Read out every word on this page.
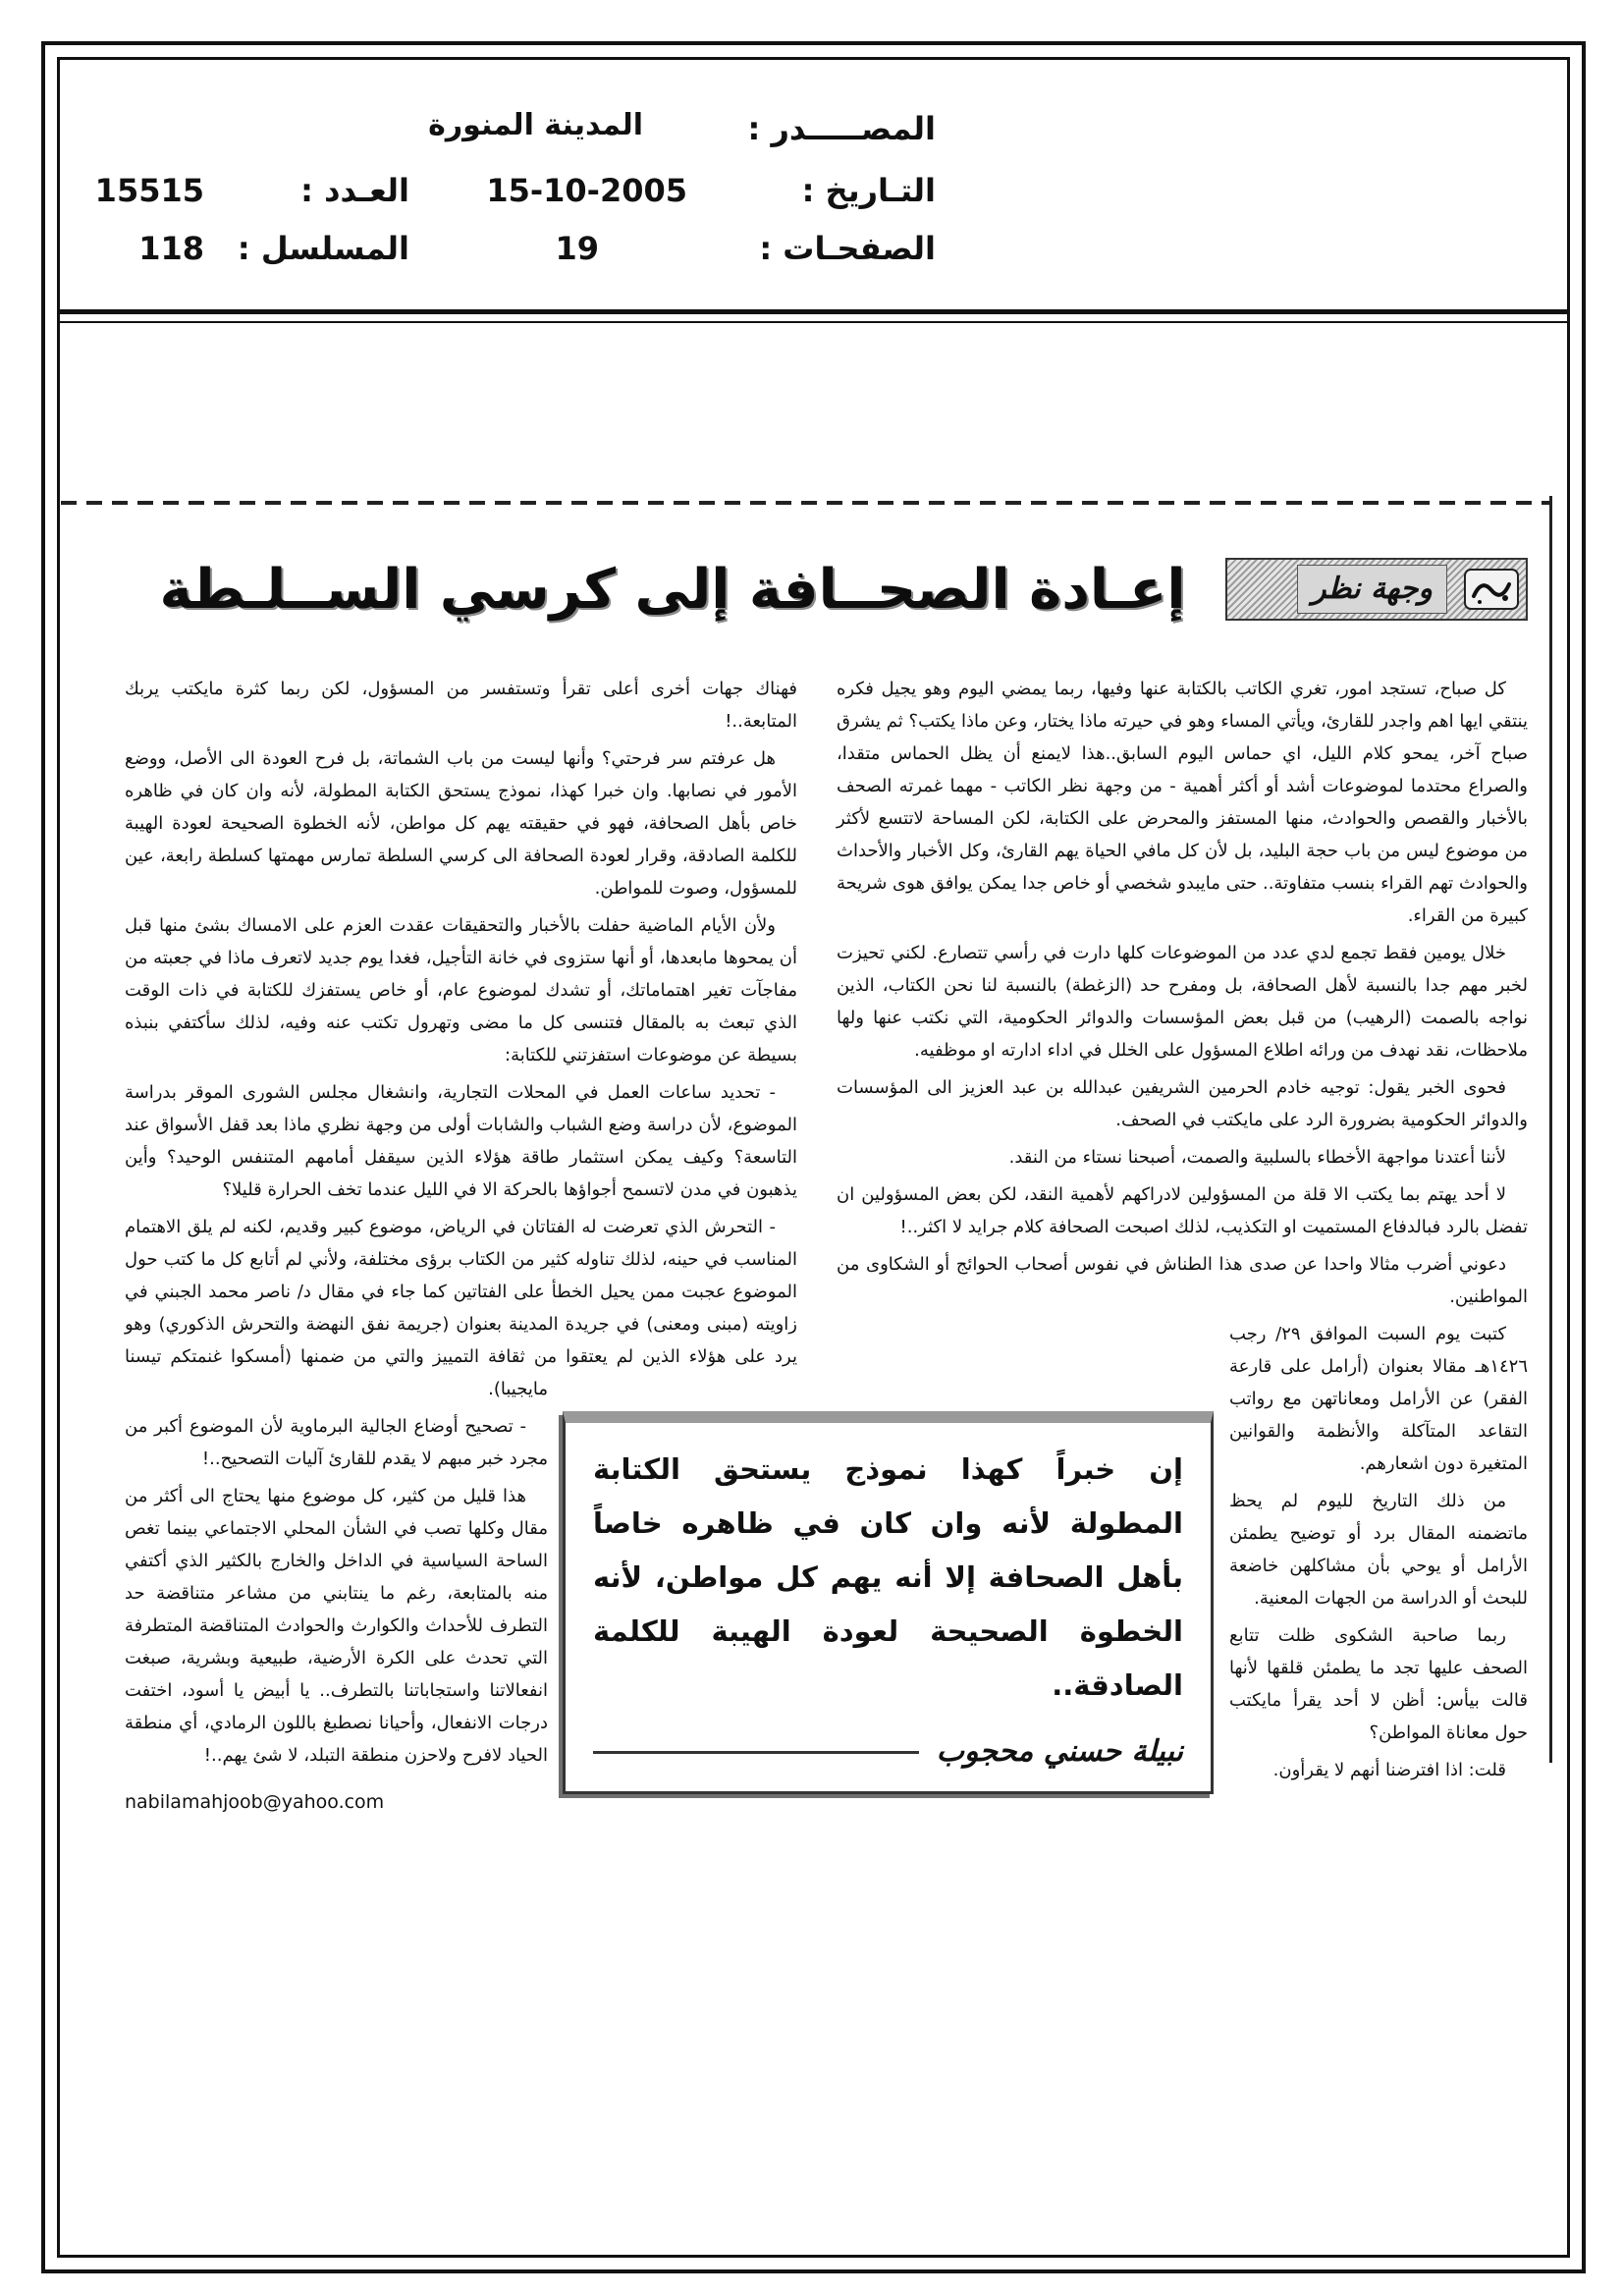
المصـــــدر :
المدينة المنورة
التـاريخ :
15-10-2005
العـدد :
15515
الصفحـات :
19
المسلسل :
118
وجهة نظر
إعـادة الصحــافة إلى كرسي الســلـطة

كل صباح، تستجد امور، تغري الكاتب بالكتابة عنها وفيها، ربما يمضي اليوم وهو يجيل فكره ينتقي ايها اهم واجدر للقارئ، ويأتي المساء وهو في حيرته ماذا يختار، وعن ماذا يكتب؟ ثم يشرق صباح آخر، يمحو كلام الليل، اي حماس اليوم السابق..هذا لايمنع أن يظل الحماس متقدا، والصراع محتدما لموضوعات أشد أو أكثر أهمية - من وجهة نظر الكاتب - مهما غمرته الصحف بالأخبار والقصص والحوادث، منها المستفز والمحرض على الكتابة، لكن المساحة لاتتسع لأكثر من موضوع ليس من باب حجة البليد، بل لأن كل مافي الحياة يهم القارئ، وكل الأخبار والأحداث والحوادث تهم القراء بنسب متفاوتة.. حتى مايبدو شخصي أو خاص جدا يمكن يوافق هوى شريحة كبيرة من القراء.

خلال يومين فقط تجمع لدي عدد من الموضوعات كلها دارت في رأسي تتصارع. لكني تحيزت لخبر مهم جدا بالنسبة لأهل الصحافة، بل ومفرح حد (الزغطة) بالنسبة لنا نحن الكتاب، الذين نواجه بالصمت (الرهيب) من قبل بعض المؤسسات والدوائر الحكومية، التي نكتب عنها ولها ملاحظات، نقد نهدف من ورائه اطلاع المسؤول على الخلل في اداء ادارته او موظفيه.

فحوى الخبر يقول: توجيه خادم الحرمين الشريفين عبدالله بن عبد العزيز الى المؤسسات والدوائر الحكومية بضرورة الرد على مايكتب في الصحف.

لأننا أعتدنا مواجهة الأخطاء بالسلبية والصمت، أصبحنا نستاء من النقد.

لا أحد يهتم بما يكتب الا قلة من المسؤولين لادراكهم لأهمية النقد، لكن بعض المسؤولين ان تفضل بالرد فبالدفاع المستميت او التكذيب، لذلك اصبحت الصحافة كلام جرايد لا اكثر..!

دعوني أضرب مثالا واحدا عن صدى هذا الطناش في نفوس أصحاب الحوائج أو الشكاوى من المواطنين.

كتبت يوم السبت الموافق ٢٩/ رجب ١٤٢٦هـ مقالا بعنوان (أرامل على قارعة الفقر) عن الأرامل ومعاناتهن مع رواتب التقاعد المتآكلة والأنظمة والقوانين المتغيرة دون اشعارهم.

من ذلك التاريخ لليوم لم يحظ ماتضمنه المقال برد أو توضيح يطمئن الأرامل أو يوحي بأن مشاكلهن خاضعة للبحث أو الدراسة من الجهات المعنية.

ربما صاحبة الشكوى ظلت تتابع الصحف عليها تجد ما يطمئن قلقها لأنها قالت بيأس: أظن لا أحد يقرأ مايكتب حول معاناة المواطن؟

قلت: اذا افترضنا أنهم لا يقرأون.

فهناك جهات أخرى أعلى تقرأ وتستفسر من المسؤول، لكن ربما كثرة مايكتب يربك المتابعة..!

هل عرفتم سر فرحتي؟ وأنها ليست من باب الشماتة، بل فرح العودة الى الأصل، ووضع الأمور في نصابها. وان خبرا كهذا، نموذج يستحق الكتابة المطولة، لأنه وان كان في ظاهره خاص بأهل الصحافة، فهو في حقيقته يهم كل مواطن، لأنه الخطوة الصحيحة لعودة الهيبة للكلمة الصادقة، وقرار لعودة الصحافة الى كرسي السلطة تمارس مهمتها كسلطة رابعة، عين للمسؤول، وصوت للمواطن.

ولأن الأيام الماضية حفلت بالأخبار والتحقيقات عقدت العزم على الامساك بشئ منها قبل أن يمحوها مابعدها، أو أنها ستزوى في خانة التأجيل، فغدا يوم جديد لاتعرف ماذا في جعبته من مفاجآت تغير اهتماماتك، أو تشدك لموضوع عام، أو خاص يستفزك للكتابة في ذات الوقت الذي تبعث به بالمقال فتنسى كل ما مضى وتهرول تكتب عنه وفيه، لذلك سأكتفي بنبذه بسيطة عن موضوعات استفزتني للكتابة:

- تحديد ساعات العمل في المحلات التجارية، وانشغال مجلس الشورى الموقر بدراسة الموضوع، لأن دراسة وضع الشباب والشابات أولى من وجهة نظري ماذا بعد قفل الأسواق عند التاسعة؟ وكيف يمكن استثمار طاقة هؤلاء الذين سيقفل أمامهم المتنفس الوحيد؟ وأين يذهبون في مدن لاتسمح أجواؤها بالحركة الا في الليل عندما تخف الحرارة قليلا؟

- التحرش الذي تعرضت له الفتاتان في الرياض، موضوع كبير وقديم، لكنه لم يلق الاهتمام المناسب في حينه، لذلك تناوله كثير من الكتاب برؤى مختلفة، ولأني لم أتابع كل ما كتب حول الموضوع عجبت ممن يحيل الخطأ على الفتاتين كما جاء في مقال د/ ناصر محمد الجبني في زاويته (مبنى ومعنى) في جريدة المدينة بعنوان (جريمة نفق النهضة والتحرش الذكوري) وهو يرد على هؤلاء الذين لم يعتقوا من ثقافة التمييز والتي من ضمنها (أمسكوا غنمتكم تيسنا مايجيبا).

- تصحيح أوضاع الجالية البرماوية لأن الموضوع أكبر من مجرد خبر مبهم لا يقدم للقارئ آليات التصحيح..!

هذا قليل من كثير، كل موضوع منها يحتاج الى أكثر من مقال وكلها تصب في الشأن المحلي الاجتماعي بينما تغص الساحة السياسية في الداخل والخارج بالكثير الذي أكتفي منه بالمتابعة، رغم ما ينتابني من مشاعر متناقضة حد التطرف للأحداث والكوارث والحوادث المتناقضة المتطرفة التي تحدث على الكرة الأرضية، طبيعية وبشرية، صبغت انفعالاتنا واستجاباتنا بالتطرف.. يا أبيض يا أسود، اختفت درجات الانفعال، وأحيانا نصطبغ باللون الرمادي، أي منطقة الحياد لافرح ولاحزن منطقة التبلد، لا شئ يهم..!

nabilamahjoob@yahoo.com

إن خبراً كهذا نموذج يستحق الكتابة المطولة لأنه وان كان في ظاهره خاصاً بأهل الصحافة إلا أنه يهم كل مواطن، لأنه الخطوة الصحيحة لعودة الهيبة للكلمة الصادقة..

نبيلة حسني محجوب
